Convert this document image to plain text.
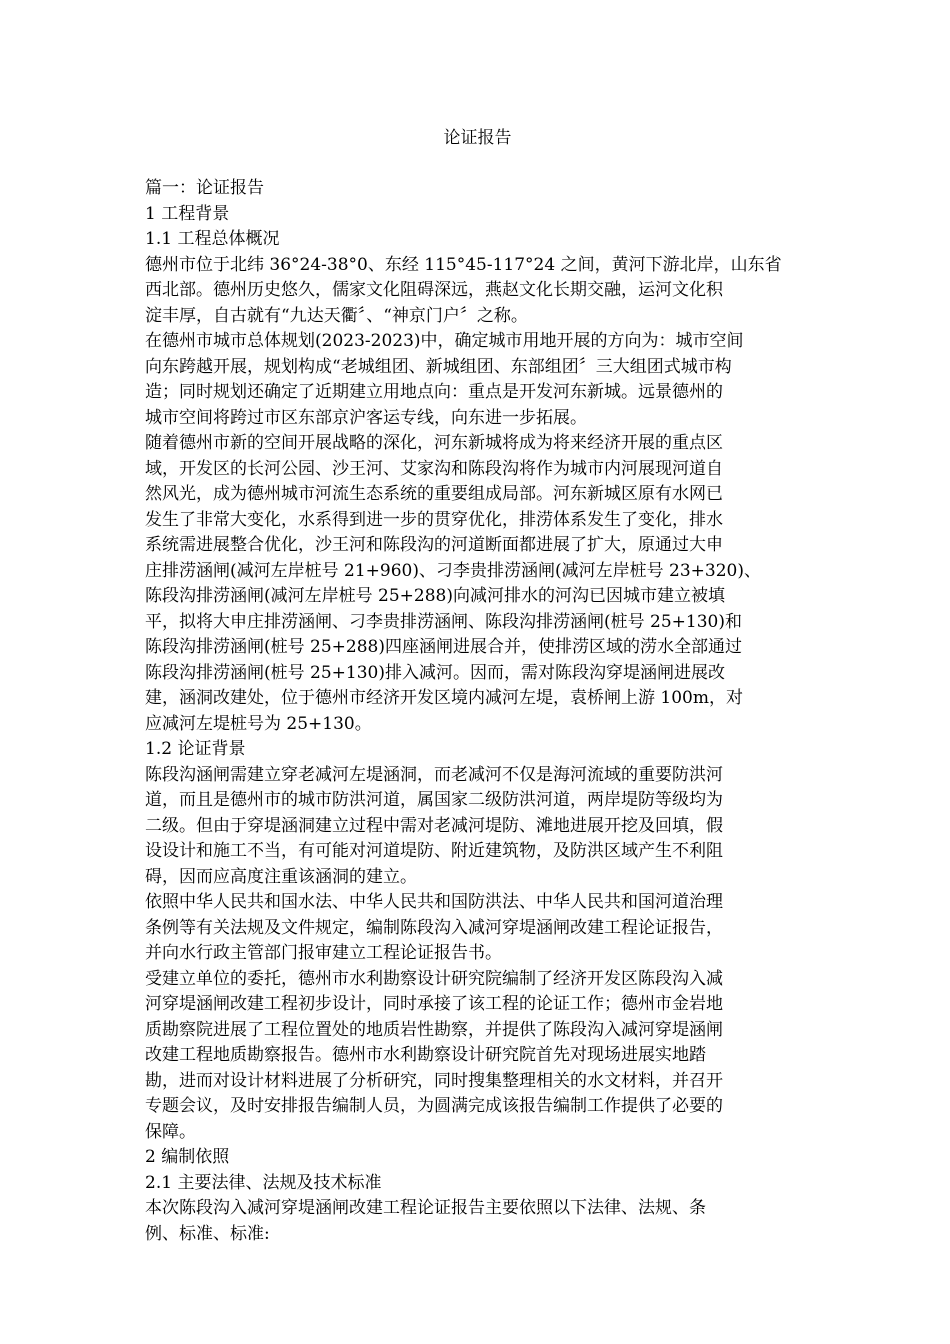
论证报告

篇一：论证报告

1 工程背景

1.1 工程总体概况

德州市位于北纬 36°24-38°0、东经 115°45-117°24 之间，黄河下游北岸，山东省

西北部。德州历史悠久，儒家文化阻碍深远，燕赵文化长期交融，运河文化积

淀丰厚，自古就有“九达天衢〞、“神京门户〞之称。

在德州市城市总体规划(2023-2023)中，确定城市用地开展的方向为：城市空间

向东跨越开展，规划构成“老城组团、新城组团、东部组团〞三大组团式城市构

造；同时规划还确定了近期建立用地点向：重点是开发河东新城。远景德州的

城市空间将跨过市区东部京沪客运专线，向东进一步拓展。

随着德州市新的空间开展战略的深化，河东新城将成为将来经济开展的重点区

域，开发区的长河公园、沙王河、艾家沟和陈段沟将作为城市内河展现河道自

然风光，成为德州城市河流生态系统的重要组成局部。河东新城区原有水网已

发生了非常大变化，水系得到进一步的贯穿优化，排涝体系发生了变化，排水

系统需进展整合优化，沙王河和陈段沟的河道断面都进展了扩大，原通过大申

庄排涝涵闸(减河左岸桩号 21+960)、刁李贵排涝涵闸(减河左岸桩号 23+320)、

陈段沟排涝涵闸(减河左岸桩号 25+288)向减河排水的河沟已因城市建立被填

平，拟将大申庄排涝涵闸、刁李贵排涝涵闸、陈段沟排涝涵闸(桩号 25+130)和

陈段沟排涝涵闸(桩号 25+288)四座涵闸进展合并，使排涝区域的涝水全部通过

陈段沟排涝涵闸(桩号 25+130)排入减河。因而，需对陈段沟穿堤涵闸进展改

建，涵洞改建处，位于德州市经济开发区境内减河左堤，袁桥闸上游 100m，对

应减河左堤桩号为 25+130。

1.2 论证背景

陈段沟涵闸需建立穿老减河左堤涵洞，而老减河不仅是海河流域的重要防洪河

道，而且是德州市的城市防洪河道，属国家二级防洪河道，两岸堤防等级均为

二级。但由于穿堤涵洞建立过程中需对老减河堤防、滩地进展开挖及回填，假

设设计和施工不当，有可能对河道堤防、附近建筑物，及防洪区域产生不利阻

碍，因而应高度注重该涵洞的建立。

依照中华人民共和国水法、中华人民共和国防洪法、中华人民共和国河道治理

条例等有关法规及文件规定，编制陈段沟入减河穿堤涵闸改建工程论证报告，

并向水行政主管部门报审建立工程论证报告书。

受建立单位的委托，德州市水利勘察设计研究院编制了经济开发区陈段沟入减

河穿堤涵闸改建工程初步设计，同时承接了该工程的论证工作；德州市金岩地

质勘察院进展了工程位置处的地质岩性勘察，并提供了陈段沟入减河穿堤涵闸

改建工程地质勘察报告。德州市水利勘察设计研究院首先对现场进展实地踏

勘，进而对设计材料进展了分析研究，同时搜集整理相关的水文材料，并召开

专题会议，及时安排报告编制人员，为圆满完成该报告编制工作提供了必要的

保障。

2 编制依照

2.1 主要法律、法规及技术标准

本次陈段沟入减河穿堤涵闸改建工程论证报告主要依照以下法律、法规、条

例、标准、标准:
